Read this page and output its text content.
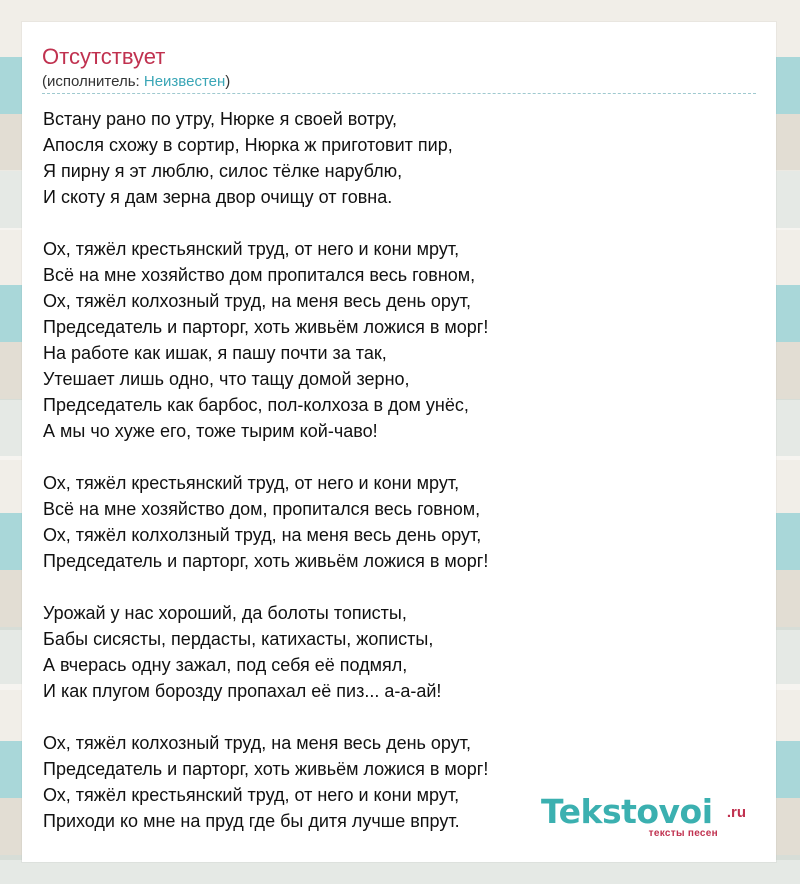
Отсутствует
(исполнитель: Неизвестен)

Встану рано по утру, Нюрке я своей вотру,
Апосля схожу в сортир, Нюрка ж приготовит пир,
Я пирну я эт люблю, силос тёлке нарублю,
И скоту я дам зерна двор очищу от говна.

Ох, тяжёл крестьянский труд, от него и кони мрут,
Всё на мне хозяйство дом пропитался весь говном,
Ох, тяжёл колхозный труд, на меня весь день орут,
Председатель и парторг, хоть живьём ложися в морг!
На работе как ишак, я пашу почти за так,
Утешает лишь одно, что тащу домой зерно,
Председатель как барбос, пол-колхоза в дом унёс,
А мы чо хуже его, тоже тырим кой-чаво!

Ох, тяжёл крестьянский труд, от него и кони мрут,
Всё на мне хозяйство дом, пропитался весь говном,
Ох, тяжёл колхолзный труд, на меня весь день орут,
Председатель и парторг, хоть живьём ложися в морг!

Урожай у нас хороший, да болоты тописты,
Бабы сисясты, пердасты, катихасты, жописты,
А вчерась одну зажал, под себя её подмял,
И как плугом борозду пропахал её пиз... а-а-ай!

Ох, тяжёл колхозный труд, на меня весь день орут,
Председатель и парторг, хоть живьём ложися в морг!
Ох, тяжёл крестьянский труд, от него и кони мрут,
Приходи ко мне на пруд где бы дитя лучше впрут.	Tekstovoi .ru
тексты песен
